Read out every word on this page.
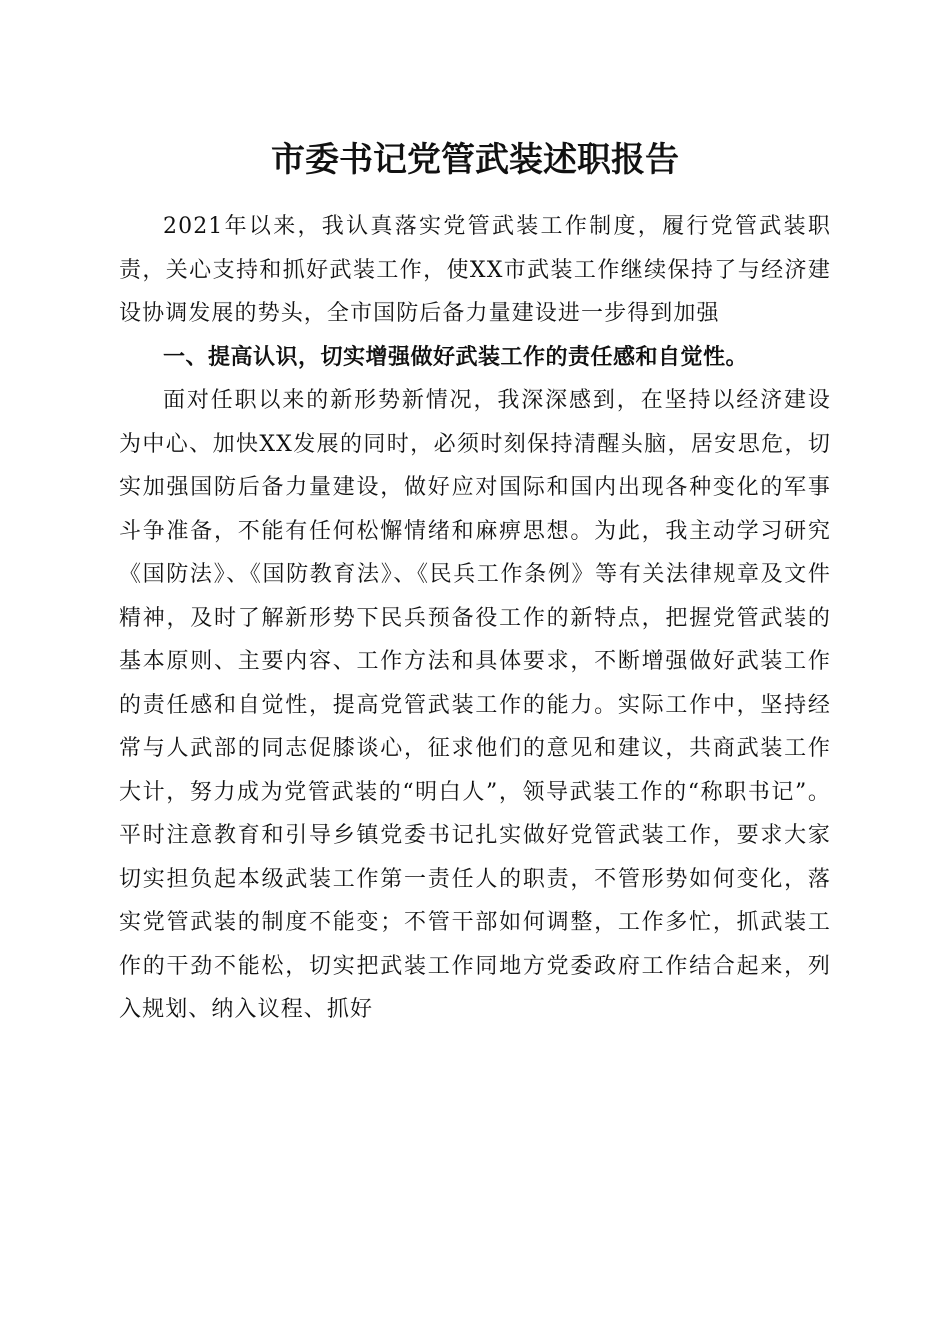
市委书记党管武装述职报告

2021年以来，我认真落实党管武装工作制度，履行党管武装职责，关心支持和抓好武装工作，使XX市武装工作继续保持了与经济建设协调发展的势头，全市国防后备力量建设进一步得到加强

一、提高认识，切实增强做好武装工作的责任感和自觉性。

面对任职以来的新形势新情况，我深深感到，在坚持以经济建设为中心、加快XX发展的同时，必须时刻保持清醒头脑，居安思危，切实加强国防后备力量建设，做好应对国际和国内出现各种变化的军事斗争准备，不能有任何松懈情绪和麻痹思想。为此，我主动学习研究《国防法》、《国防教育法》、《民兵工作条例》等有关法律规章及文件精神，及时了解新形势下民兵预备役工作的新特点，把握党管武装的基本原则、主要内容、工作方法和具体要求，不断增强做好武装工作的责任感和自觉性，提高党管武装工作的能力。实际工作中，坚持经常与人武部的同志促膝谈心，征求他们的意见和建议，共商武装工作大计，努力成为党管武装的“明白人”，领导武装工作的“称职书记”。平时注意教育和引导乡镇党委书记扎实做好党管武装工作，要求大家切实担负起本级武装工作第一责任人的职责，不管形势如何变化，落实党管武装的制度不能变；不管干部如何调整，工作多忙，抓武装工作的干劲不能松，切实把武装工作同地方党委政府工作结合起来，列入规划、纳入议程、抓好
